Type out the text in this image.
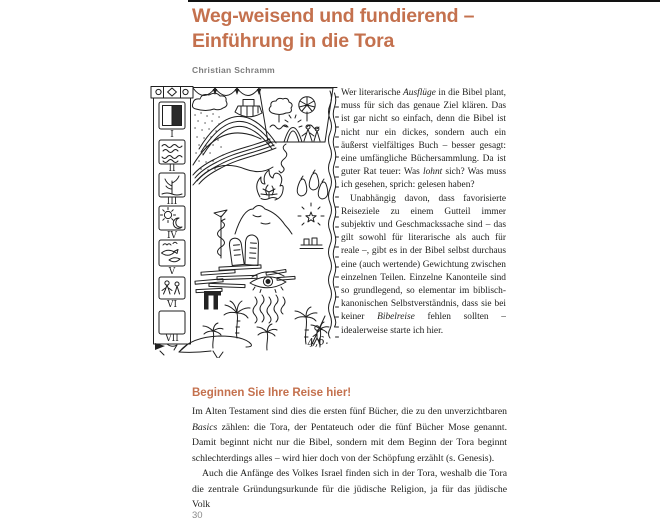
Weg-weisend und fundierend –
Einführung in die Tora
Christian Schramm
I
II
III
IV
V
VI
VII	4,6.

Wer literarische Ausflüge in die Bibel plant, muss für sich das genaue Ziel klären. Das ist gar nicht so einfach, denn die Bibel ist nicht nur ein dickes, sondern auch ein äußerst vielfältiges Buch – besser gesagt: eine umfängliche Büchersammlung. Da ist guter Rat teuer: Was lohnt sich? Was muss ich gesehen, sprich: gelesen haben?

Unabhängig davon, dass favorisierte Reiseziele zu einem Gutteil immer subjektiv und Geschmackssache sind – das gilt sowohl für literarische als auch für reale –, gibt es in der Bibel selbst durchaus eine (auch wertende) Gewichtung zwischen einzelnen Teilen. Einzelne Kanonteile sind so grundlegend, so elementar im biblisch-kanonischen Selbstverständnis, dass sie bei keiner Bibelreise fehlen sollten – idealerweise starte ich hier.

Beginnen Sie Ihre Reise hier!

Im Alten Testament sind dies die ersten fünf Bücher, die zu den unverzichtbaren Basics zählen: die Tora, der Pentateuch oder die fünf Bücher Mose genannt. Damit beginnt nicht nur die Bibel, sondern mit dem Beginn der Tora beginnt schlechterdings alles – wird hier doch von der Schöpfung erzählt (s. Genesis).

Auch die Anfänge des Volkes Israel finden sich in der Tora, weshalb die Tora die zentrale Gründungsurkunde für die jüdische Religion, ja für das jüdische Volk

30
